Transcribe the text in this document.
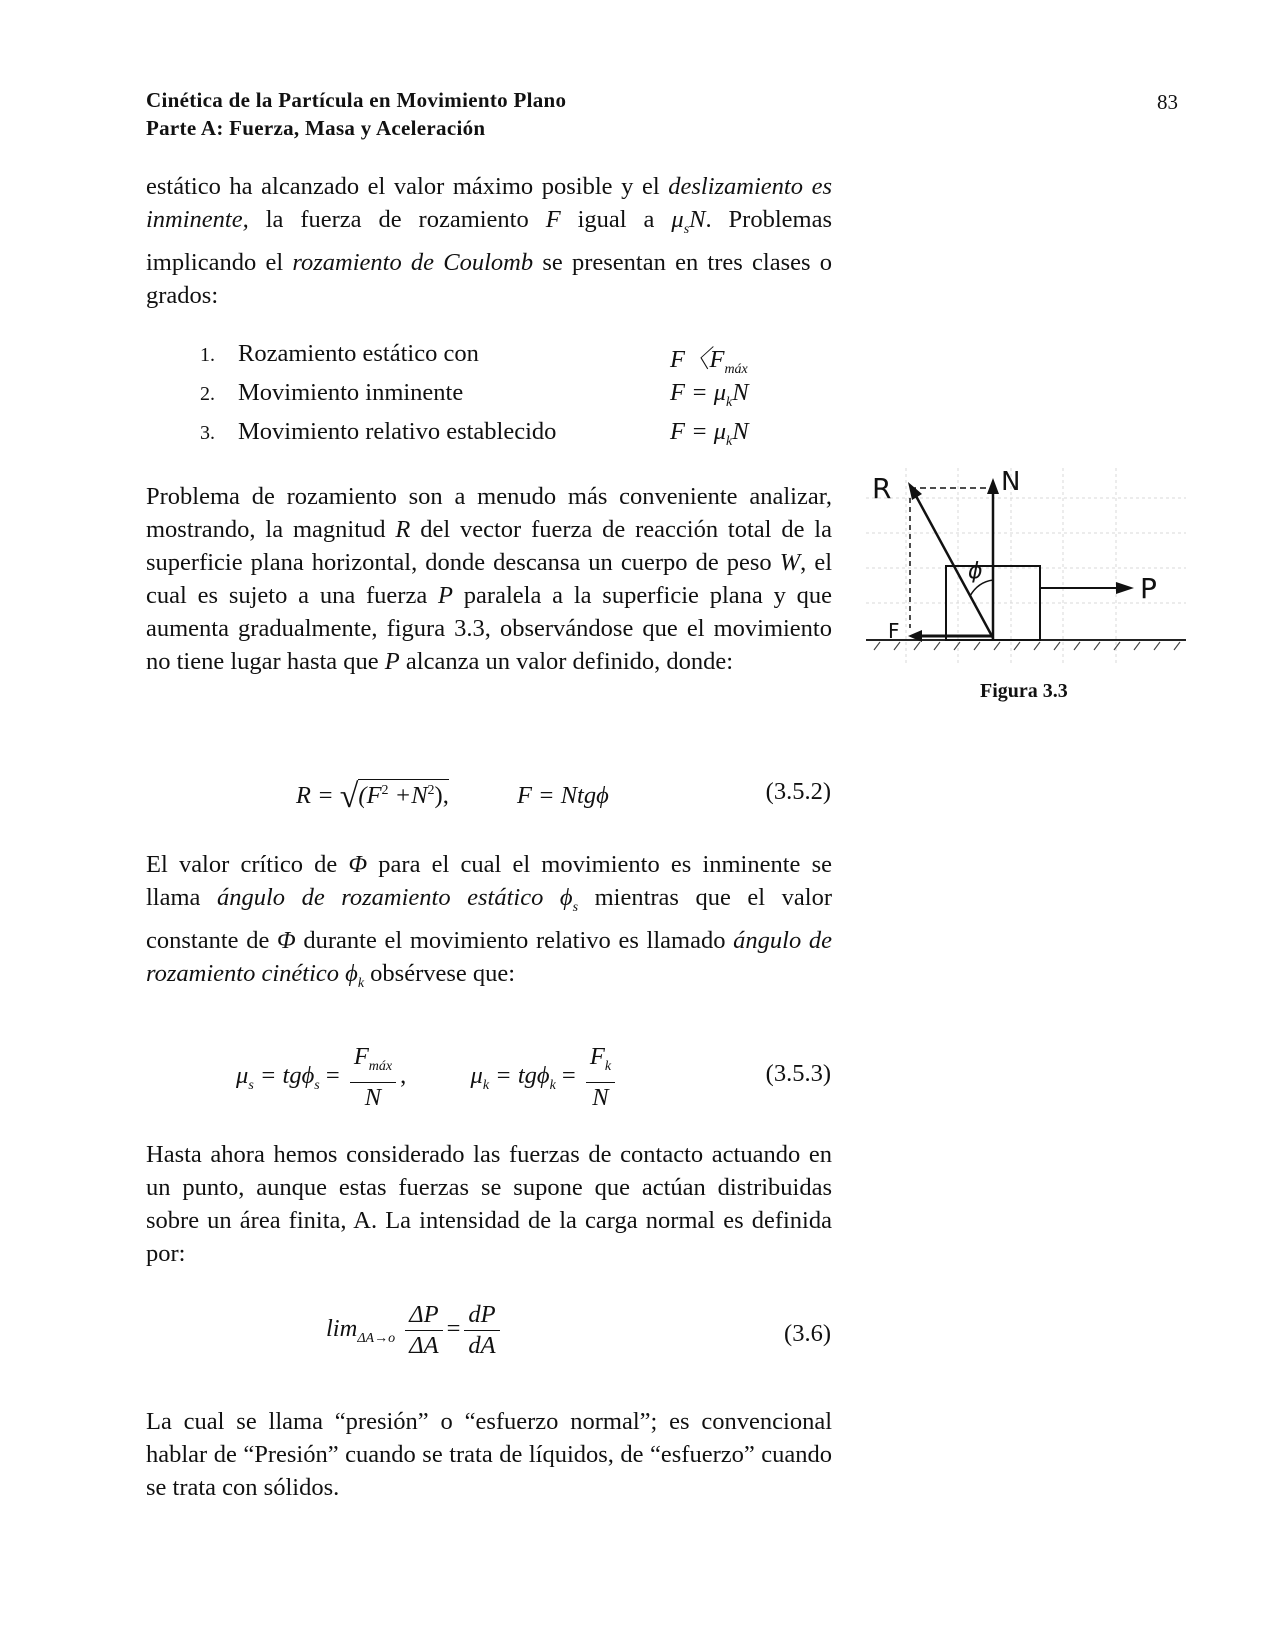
Cinética de la Partícula en Movimiento Plano
Parte A: Fuerza, Masa y Aceleración
83
estático ha alcanzado el valor máximo posible y el deslizamiento es inminente, la fuerza de rozamiento F igual a $\mu_sN$. Problemas implicando el rozamiento de Coulomb se presentan en tres clases o grados:
1. Rozamiento estático con	F〈$F_{máx}$
2. Movimiento inminente	$F = \mu_kN$
3. Movimiento relativo establecido	$F = \mu_kN$
Problema de rozamiento son a menudo más conveniente analizar, mostrando, la magnitud R del vector fuerza de reacción total de la superficie plana horizontal, donde descansa un cuerpo de peso W, el cual es sujeto a una fuerza P paralela a la superficie plana y que aumenta gradualmente, figura 3.3, observándose que el movimiento no tiene lugar hasta que P alcanza un valor definido, donde:
R	N
P
F
ϕ
Figura 3.3
$R = √(F^2 +N^2)$,	F = Ntgϕ	(3.5.2)
El valor crítico de Φ para el cual el movimiento es inminente se llama ángulo de rozamiento estático $\phi_s$ mientras que el valor constante de Φ durante el movimiento relativo es llamado ángulo de rozamiento cinético $\phi_k$ obsérvese que:
$\mu_s = tg\phi_s = \frac{F_{máx}}{N}$ ,	$\mu_k = tg\phi_k = \frac{F_k}{N}$	(3.5.3)
Hasta ahora hemos considerado las fuerzas de contacto actuando en un punto, aunque estas fuerzas se supone que actúan distribuidas sobre un área finita, A. La intensidad de la carga normal es definida por:
$\lim_{\Delta A\to o} \frac{\Delta P}{\Delta A} = \frac{dP}{dA}$	(3.6)
La cual se llama “presión” o “esfuerzo normal”; es convencional hablar de “Presión” cuando se trata de líquidos, de “esfuerzo” cuando se trata con sólidos.
